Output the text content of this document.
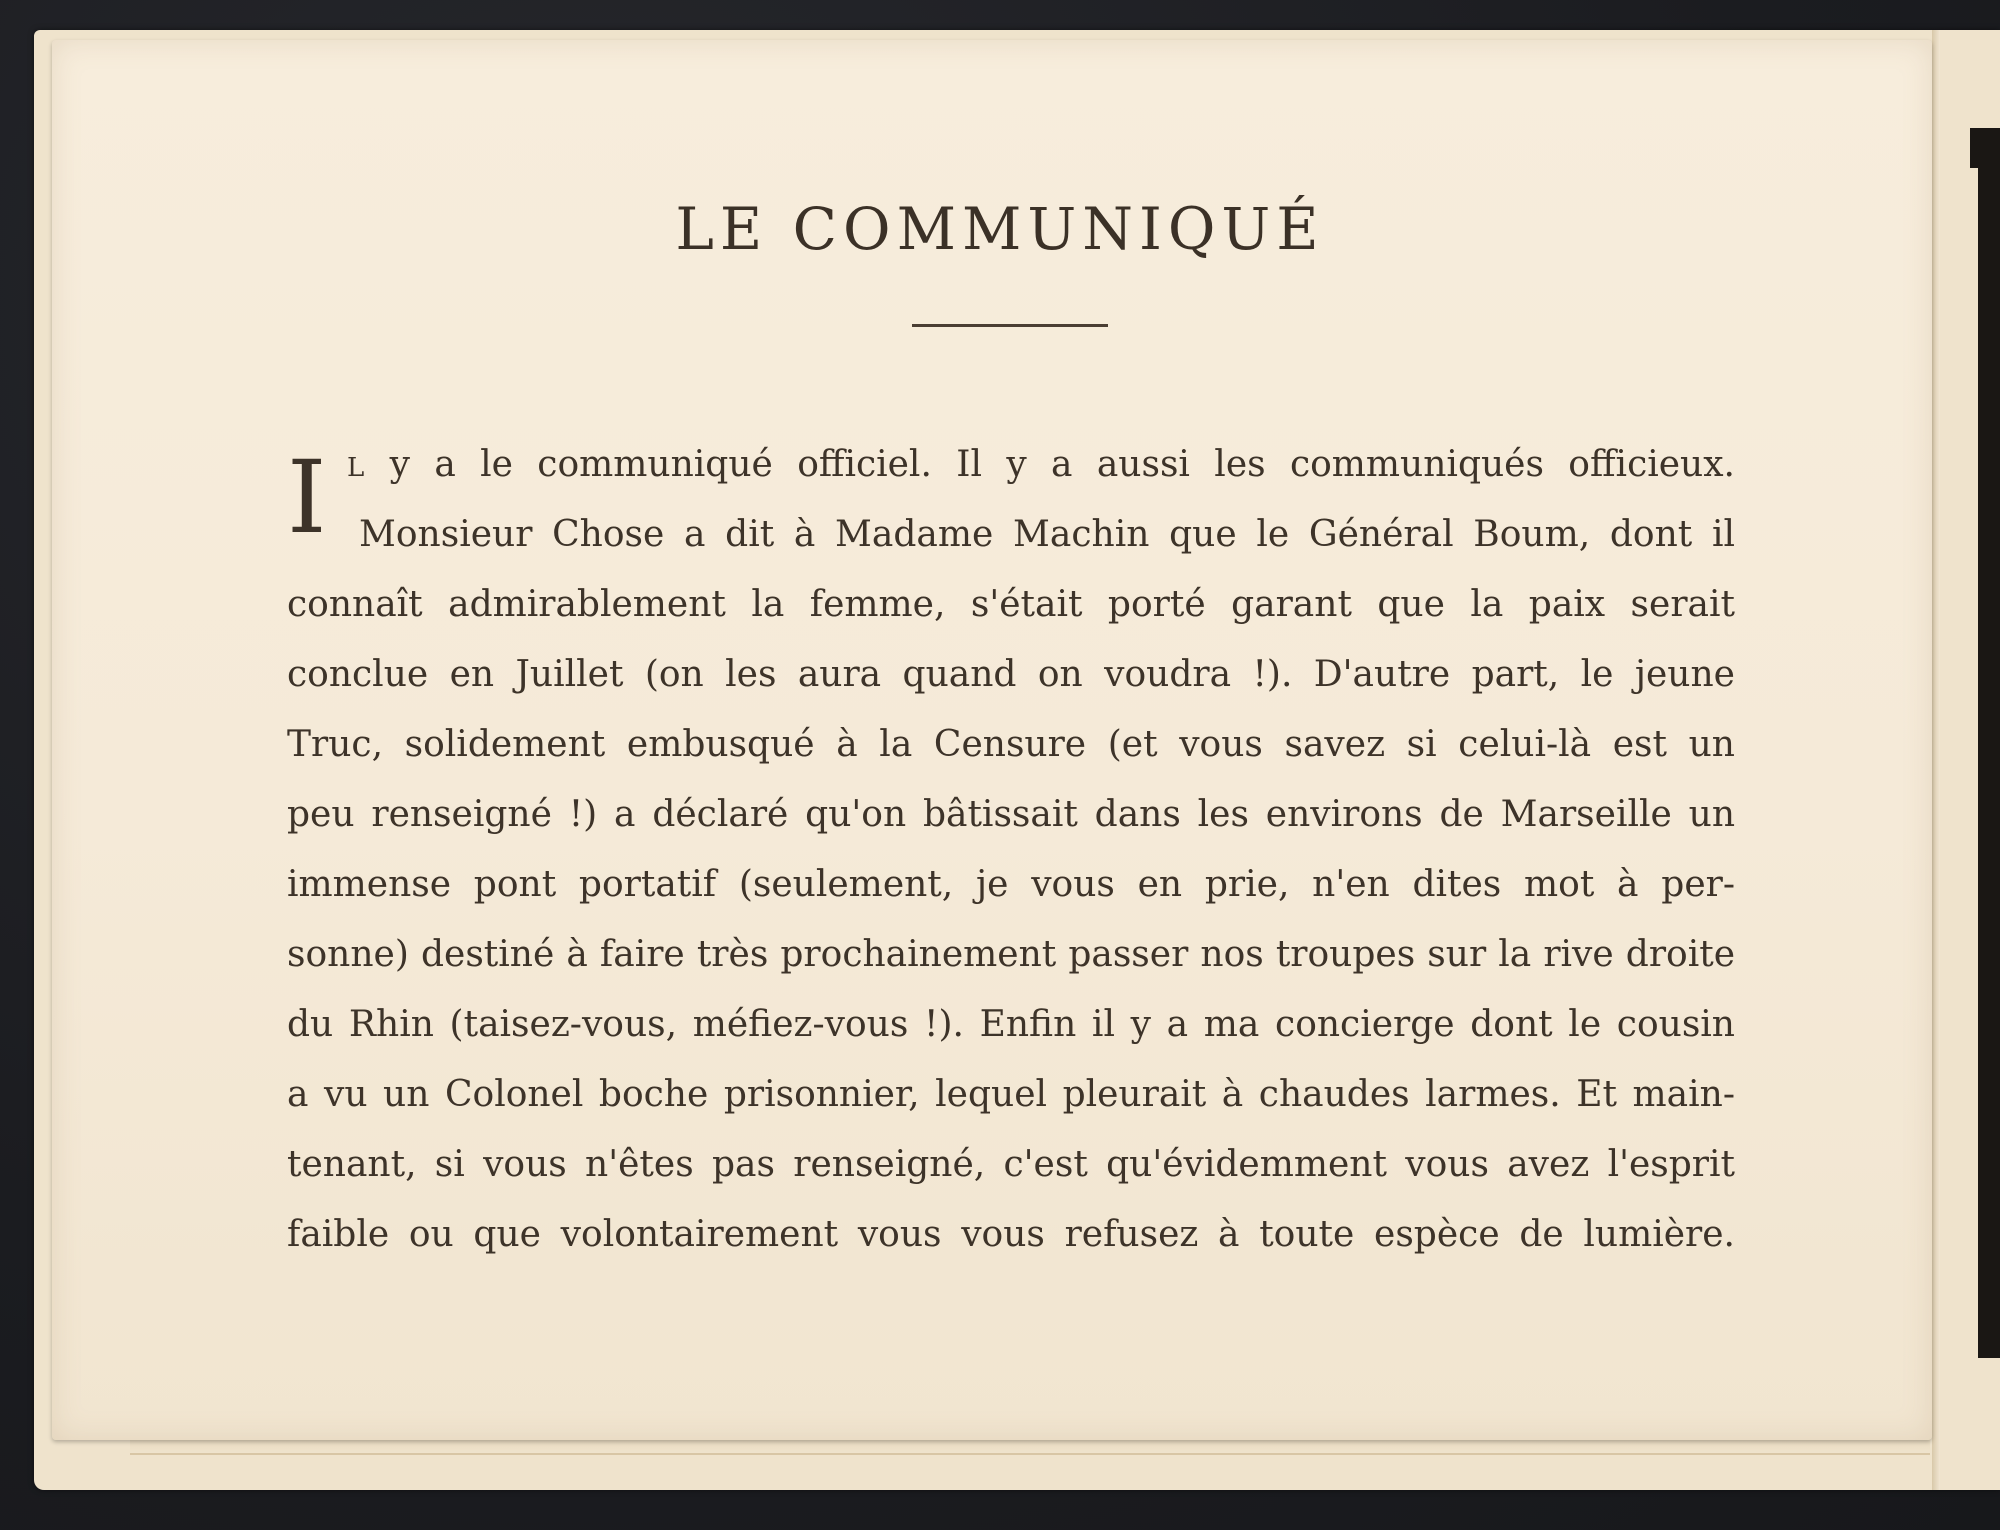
LE COMMUNIQUÉ
I L y a le communiqué officiel. Il y a aussi les communiqués officieux.
Monsieur Chose a dit à Madame Machin que le Général Boum, dont il
connaît admirablement la femme, s'était porté garant que la paix serait
conclue en Juillet (on les aura quand on voudra !). D'autre part, le jeune
Truc, solidement embusqué à la Censure (et vous savez si celui-là est un
peu renseigné !) a déclaré qu'on bâtissait dans les environs de Marseille un
immense pont portatif (seulement, je vous en prie, n'en dites mot à per-
sonne) destiné à faire très prochainement passer nos troupes sur la rive droite
du Rhin (taisez-vous, méfiez-vous !). Enfin il y a ma concierge dont le cousin
a vu un Colonel boche prisonnier, lequel pleurait à chaudes larmes. Et main-
tenant, si vous n'êtes pas renseigné, c'est qu'évidemment vous avez l'esprit
faible ou que volontairement vous vous refusez à toute espèce de lumière.
